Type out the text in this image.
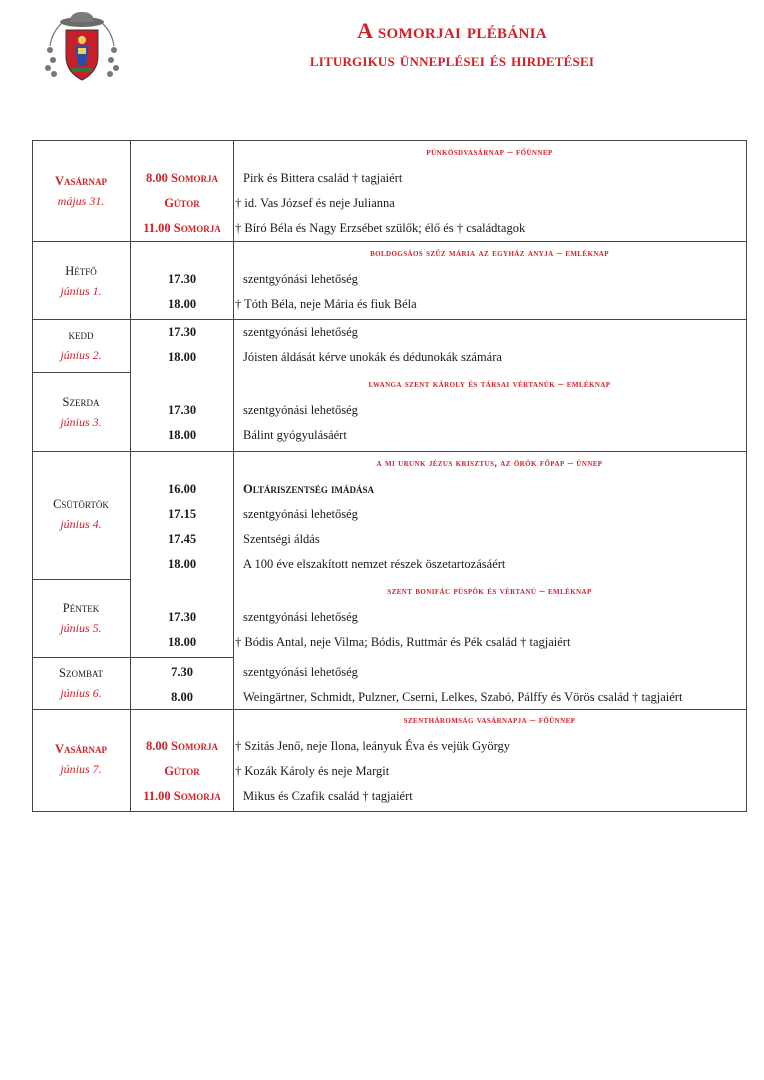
A somorjai plébánia
liturgikus ünneplései és hirdetései
Vasárnap
május 31.
pünkösdvasárnap – főünnep
8.00 Somorja	Pirk és Bittera család † tagjaiért
Gútor	† id. Vas József és neje Julianna
11.00 Somorja	† Bíró Béla és Nagy Erzsébet szülők; élő és † családtagok
Hétfő
június 1.
boldogsáos szűz mária az egyház anyja – emléknap
17.30	szentgyónási lehetőség
18.00	† Tóth Béla, neje Mária és fiuk Béla
kedd
június 2.
17.30	szentgyónási lehetőség
18.00	Jóisten áldását kérve unokák és dédunokák számára
Szerda
június 3.
lwanga szent károly és társai vértanúk – emléknap
17.30	szentgyónási lehetőség
18.00	Bálint gyógyulásáért
Csütörtök
június 4.
a mi urunk jézus krisztus, az örök főpap – ünnep
16.00	Oltáriszentség imádása
17.15	szentgyónási lehetőség
17.45	Szentségi áldás
18.00	A 100 éve elszakított nemzet részek öszetartozásáért
Péntek
június 5.
szent bonifác püspök és vértanú – emléknap
17.30	szentgyónási lehetőség
18.00	† Bódis Antal, neje Vilma; Bódis, Ruttmár és Pék család † tagjaiért
Szombat
június 6.
7.30	szentgyónási lehetőség
8.00	Weingärtner, Schmidt, Pulzner, Cserni, Lelkes, Szabó, Pálffy és Vörös család † tagjaiért
Vasárnap
június 7.
szentháromság vasárnapja – főünnep
8.00 Somorja	† Szitás Jenő, neje Ilona, leányuk Éva és vejük György
Gútor	† Kozák Károly és neje Margit
11.00 Somorja	Mikus és Czafik család † tagjaiért
